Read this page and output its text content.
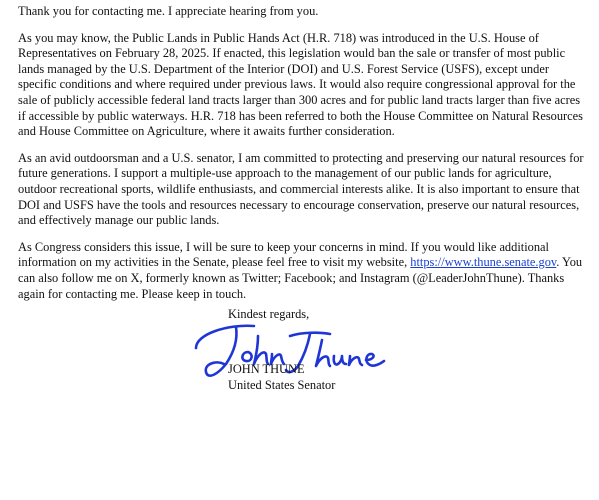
Thank you for contacting me. I appreciate hearing from you.

As you may know, the Public Lands in Public Hands Act (H.R. 718) was introduced in the U.S. House of Representatives on February 28, 2025. If enacted, this legislation would ban the sale or transfer of most public lands managed by the U.S. Department of the Interior (DOI) and U.S. Forest Service (USFS), except under specific conditions and where required under previous laws. It would also require congressional approval for the sale of publicly accessible federal land tracts larger than 300 acres and for public land tracts larger than five acres if accessible by public waterways. H.R. 718 has been referred to both the House Committee on Natural Resources and House Committee on Agriculture, where it awaits further consideration.

As an avid outdoorsman and a U.S. senator, I am committed to protecting and preserving our natural resources for future generations. I support a multiple-use approach to the management of our public lands for agriculture, outdoor recreational sports, wildlife enthusiasts, and commercial interests alike. It is also important to ensure that DOI and USFS have the tools and resources necessary to encourage conservation, preserve our natural resources, and effectively manage our public lands.

As Congress considers this issue, I will be sure to keep your concerns in mind. If you would like additional information on my activities in the Senate, please feel free to visit my website, https://www.thune.senate.gov. You can also follow me on X, formerly known as Twitter; Facebook; and Instagram (@LeaderJohnThune). Thanks again for contacting me. Please keep in touch.

Kindest regards,
JOHN THUNE
United States Senator
